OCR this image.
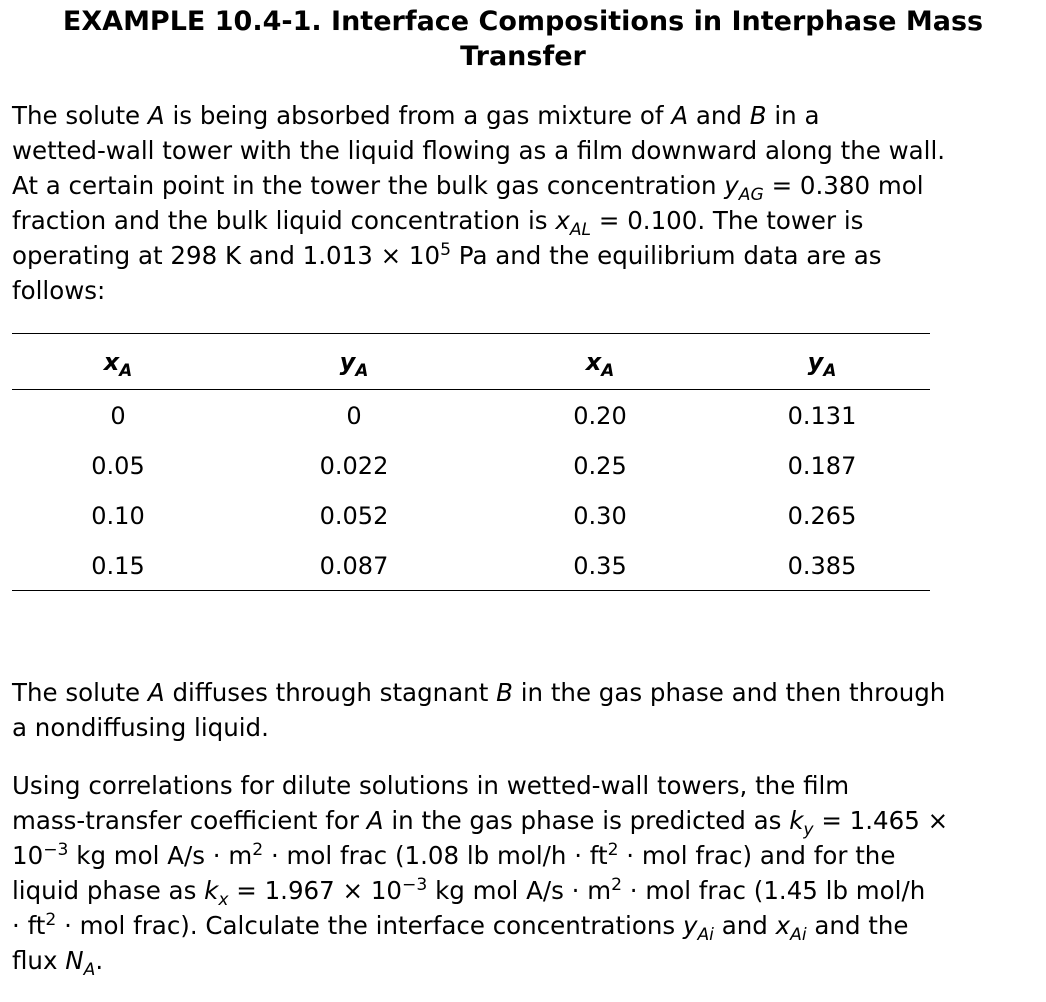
EXAMPLE 10.4-1. Interface Compositions in Interphase Mass
Transfer

The solute A is being absorbed from a gas mixture of A and B in a
wetted-wall tower with the liquid flowing as a film downward along the wall.
At a certain point in the tower the bulk gas concentration $y_{AG} = 0.380$ mol
fraction and the bulk liquid concentration is $x_{AL} = 0.100$. The tower is
operating at 298 K and $1.013 \times 10^5$ Pa and the equilibrium data are as
follows:

$x_A$	$y_A$	$x_A$	$y_A$
0	0	0.20	0.131
0.05	0.022	0.25	0.187
0.10	0.052	0.30	0.265
0.15	0.087	0.35	0.385

The solute A diffuses through stagnant B in the gas phase and then through
a nondiffusing liquid.

Using correlations for dilute solutions in wetted-wall towers, the film
mass-transfer coefficient for A in the gas phase is predicted as $k_y = 1.465$ ×
$10^{-3}$ kg mol $A/s \cdot m^2$ · mol frac (1.08 lb $mol/h \cdot ft^2$ · mol frac) and for the
liquid phase as $k_x = 1.967 \times 10^{-3}$ kg mol $A/s \cdot m^2$ · mol frac (1.45 lb mol/h
· $ft^2$ · mol frac). Calculate the interface concentrations $y_{Ai}$ and $x_{Ai}$ and the
flux $N_A$.
